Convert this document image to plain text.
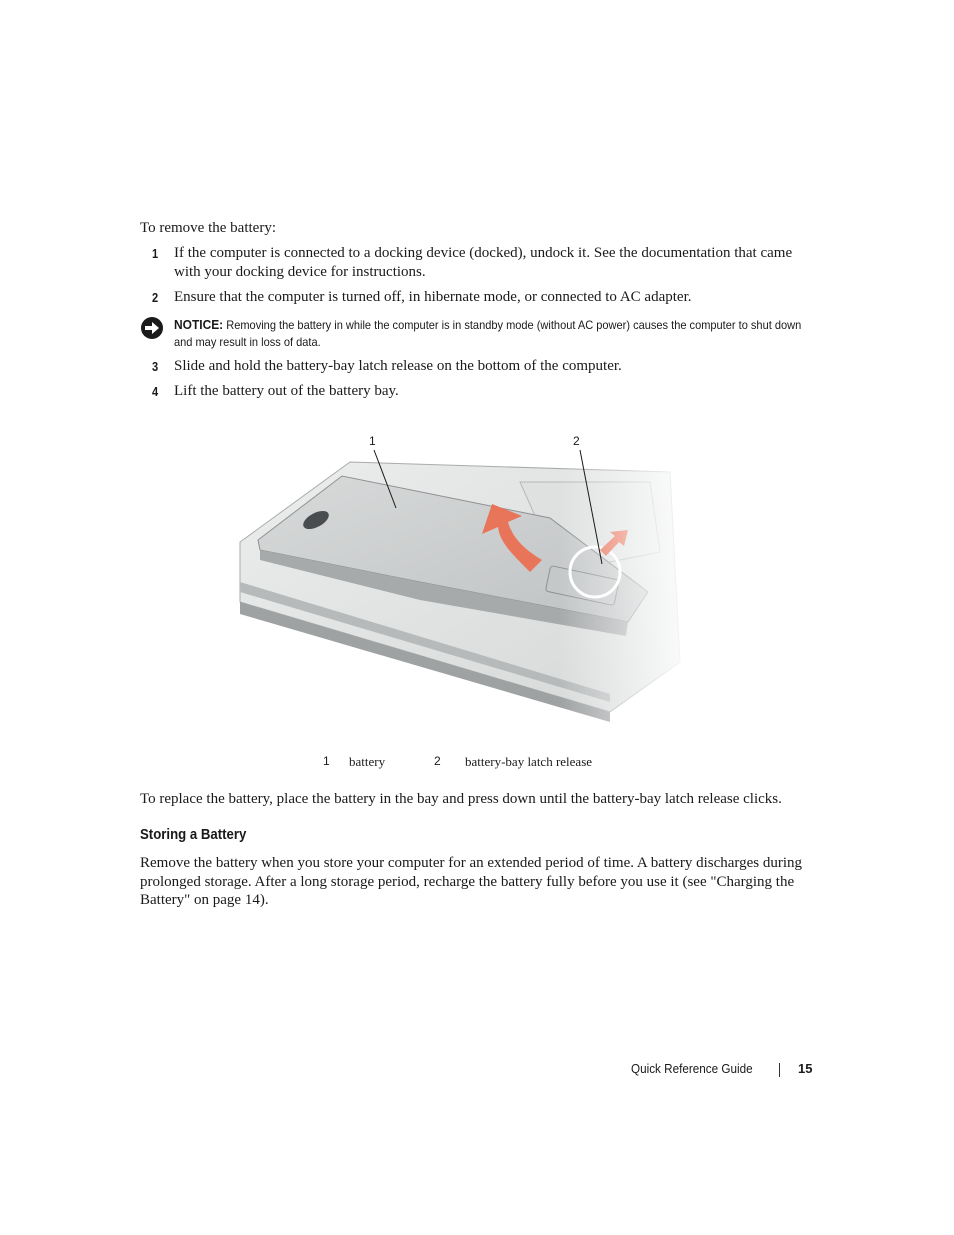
To remove the battery:
1 If the computer is connected to a docking device (docked), undock it. See the documentation that came with your docking device for instructions.
2 Ensure that the computer is turned off, in hibernate mode, or connected to AC adapter.
NOTICE: Removing the battery in while the computer is in standby mode (without AC power) causes the computer to shut down and may result in loss of data.
3 Slide and hold the battery-bay latch release on the bottom of the computer.
4 Lift the battery out of the battery bay.
1	2
1 battery	2 battery-bay latch release
To replace the battery, place the battery in the bay and press down until the battery-bay latch release clicks.
Storing a Battery
Remove the battery when you store your computer for an extended period of time. A battery discharges during prolonged storage. After a long storage period, recharge the battery fully before you use it (see "Charging the Battery" on page 14).
Quick Reference Guide	15
